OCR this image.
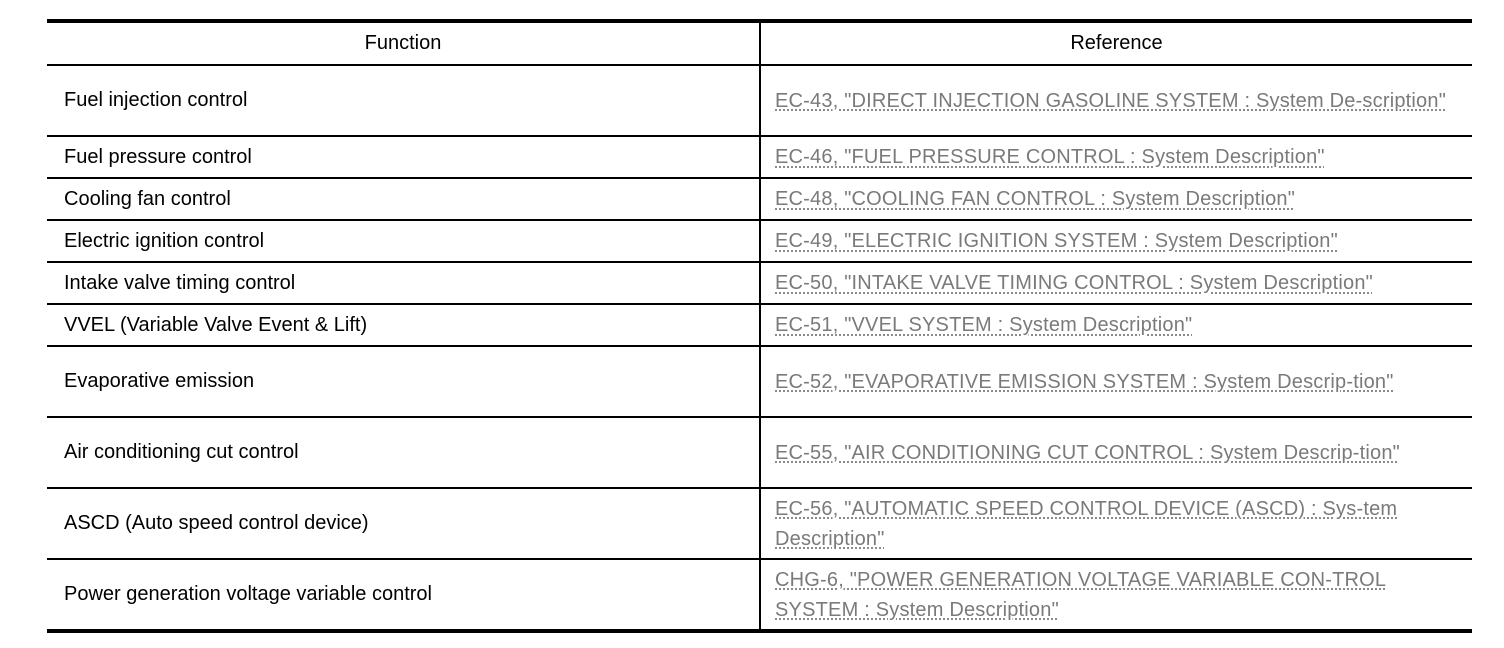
Function	Reference
Fuel injection control	EC-43, "DIRECT INJECTION GASOLINE SYSTEM : System De-scription"

Fuel pressure control	EC-46, "FUEL PRESSURE CONTROL : System Description"

Cooling fan control	EC-48, "COOLING FAN CONTROL : System Description"

Electric ignition control	EC-49, "ELECTRIC IGNITION SYSTEM : System Description"

Intake valve timing control	EC-50, "INTAKE VALVE TIMING CONTROL : System Description"

VVEL (Variable Valve Event & Lift)	EC-51, "VVEL SYSTEM : System Description"

Evaporative emission	EC-52, "EVAPORATIVE EMISSION SYSTEM : System Descrip-tion"

Air conditioning cut control	EC-55, "AIR CONDITIONING CUT CONTROL : System Descrip-tion"

ASCD (Auto speed control device)	EC-56, "AUTOMATIC SPEED CONTROL DEVICE (ASCD) : Sys-tem Description"

Power generation voltage variable control	CHG-6, "POWER GENERATION VOLTAGE VARIABLE CON-TROL SYSTEM : System Description"
